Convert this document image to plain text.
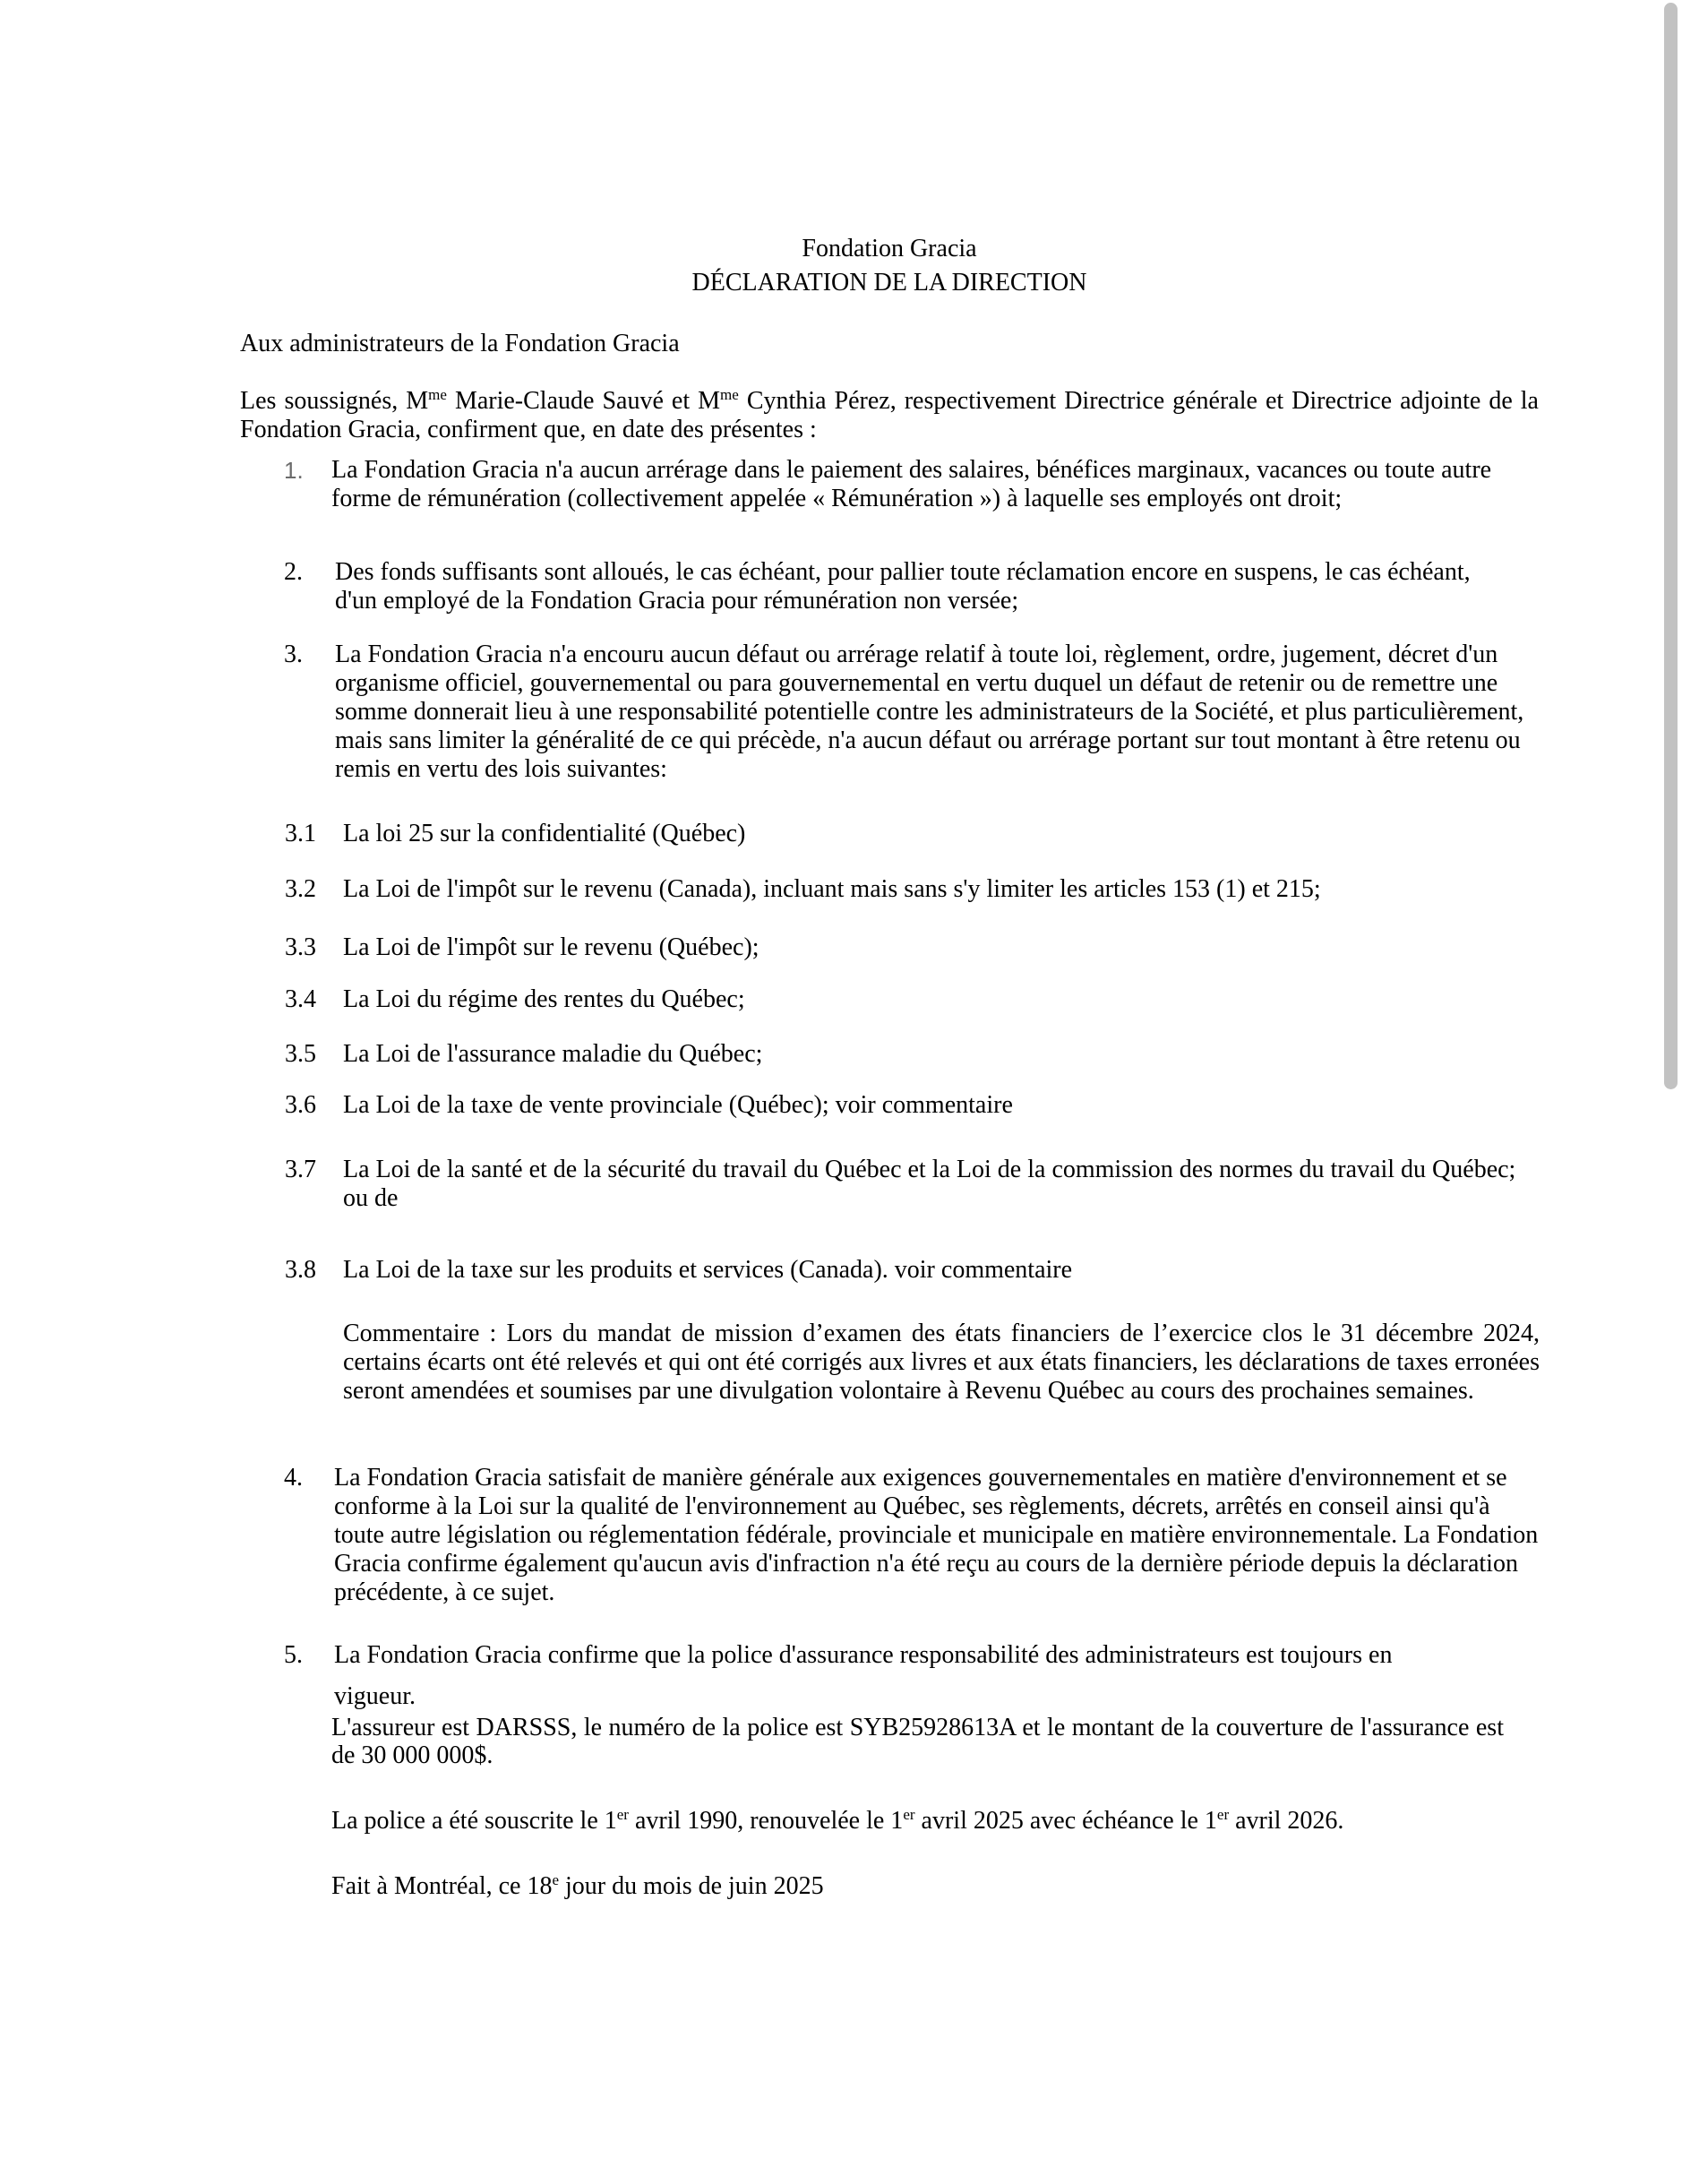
Fondation Gracia
DÉCLARATION DE LA DIRECTION
Aux administrateurs de la Fondation Gracia

Les soussignés, $M^{me}$ Marie-Claude Sauvé et $M^{me}$ Cynthia Pérez, respectivement Directrice générale et Directrice adjointe de la Fondation Gracia, confirment que, en date des présentes :

1. La Fondation Gracia n'a aucun arrérage dans le paiement des salaires, bénéfices marginaux, vacances ou toute autre forme de rémunération (collectivement appelée « Rémunération ») à laquelle ses employés ont droit;
2. Des fonds suffisants sont alloués, le cas échéant, pour pallier toute réclamation encore en suspens, le cas échéant, d'un employé de la Fondation Gracia pour rémunération non versée;
3. La Fondation Gracia n'a encouru aucun défaut ou arrérage relatif à toute loi, règlement, ordre, jugement, décret d'un organisme officiel, gouvernemental ou para gouvernemental en vertu duquel un défaut de retenir ou de remettre une somme donnerait lieu à une responsabilité potentielle contre les administrateurs de la Société, et plus particulièrement, mais sans limiter la généralité de ce qui précède, n'a aucun défaut ou arrérage portant sur tout montant à être retenu ou remis en vertu des lois suivantes:
3.1 La loi 25 sur la confidentialité (Québec)
3.2 La Loi de l'impôt sur le revenu (Canada), incluant mais sans s'y limiter les articles 153 (1) et 215;
3.3 La Loi de l'impôt sur le revenu (Québec);
3.4 La Loi du régime des rentes du Québec;
3.5 La Loi de l'assurance maladie du Québec;
3.6 La Loi de la taxe de vente provinciale (Québec); voir commentaire
3.7 La Loi de la santé et de la sécurité du travail du Québec et la Loi de la commission des normes du travail du Québec; ou de
3.8 La Loi de la taxe sur les produits et services (Canada). voir commentaire

Commentaire : Lors du mandat de mission d’examen des états financiers de l’exercice clos le 31 décembre 2024, certains écarts ont été relevés et qui ont été corrigés aux livres et aux états financiers, les déclarations de taxes erronées seront amendées et soumises par une divulgation volontaire à Revenu Québec au cours des prochaines semaines.

4. La Fondation Gracia satisfait de manière générale aux exigences gouvernementales en matière d'environnement et se conforme à la Loi sur la qualité de l'environnement au Québec, ses règlements, décrets, arrêtés en conseil ainsi qu'à toute autre législation ou réglementation fédérale, provinciale et municipale en matière environnementale. La Fondation Gracia confirme également qu'aucun avis d'infraction n'a été reçu au cours de la dernière période depuis la déclaration précédente, à ce sujet.
5. La Fondation Gracia confirme que la police d'assurance responsabilité des administrateurs est toujours en
vigueur.

L'assureur est DARSSS, le numéro de la police est SYB25928613A et le montant de la couverture de l'assurance est de 30 000 000$.

La police a été souscrite le 1er avril 1990, renouvelée le 1er avril 2025 avec échéance le 1er avril 2026.

Fait à Montréal, ce 18e jour du mois de juin 2025
